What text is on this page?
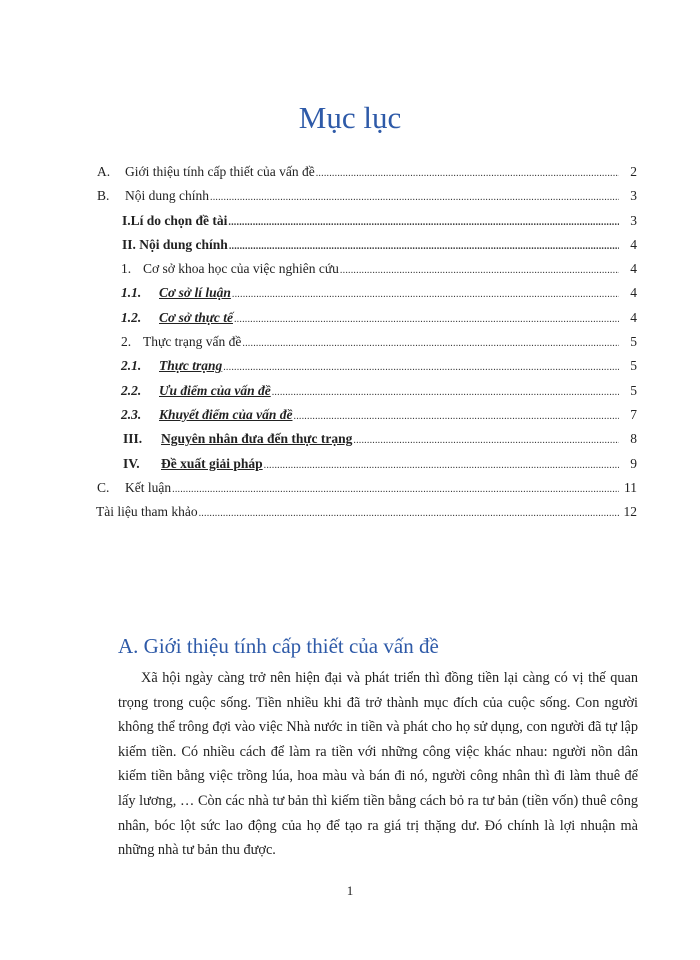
Mục lục
A.	Giới thiệu tính cấp thiết của vấn đề .....	2
B.	Nội dung chính .....	3
I.Lí do chọn đề tài .....	3
II. Nội dung chính .....	4
1. Cơ sở khoa học của việc nghiên cứu .....	4
1.1.	Cơ sở lí luận .....	4
1.2.	Cơ sở thực tế .....	4
2. Thực trạng vấn đề .....	5
2.1.	Thực trạng .....	5
2.2.	Ưu điểm của vấn đề .....	5
2.3.	Khuyết điểm của vấn đề .....	7
III.	Nguyên nhân đưa đến thực trạng .....	8
IV.	Đề xuất giải pháp .....	9
C.	Kết luận .....	11
Tài liệu tham khảo .....	12
A. Giới thiệu tính cấp thiết của vấn đề
Xã hội ngày càng trở nên hiện đại và phát triển thì đồng tiền lại càng có vị thế quan trọng trong cuộc sống. Tiền nhiều khi đã trở thành mục đích của cuộc sống. Con người không thể trông đợi vào việc Nhà nước in tiền và phát cho họ sử dụng, con người đã tự lập kiếm tiền. Có nhiều cách để làm ra tiền với những công việc khác nhau: người nồn dân kiếm tiền bằng việc trồng lúa, hoa màu và bán đi nó, người công nhân thì đi làm thuê để lấy lương, … Còn các nhà tư bản thì kiếm tiền bằng cách bỏ ra tư bản (tiền vốn) thuê công nhân, bóc lột sức lao động của họ để tạo ra giá trị thặng dư. Đó chính là lợi nhuận mà những nhà tư bản thu được.
1
